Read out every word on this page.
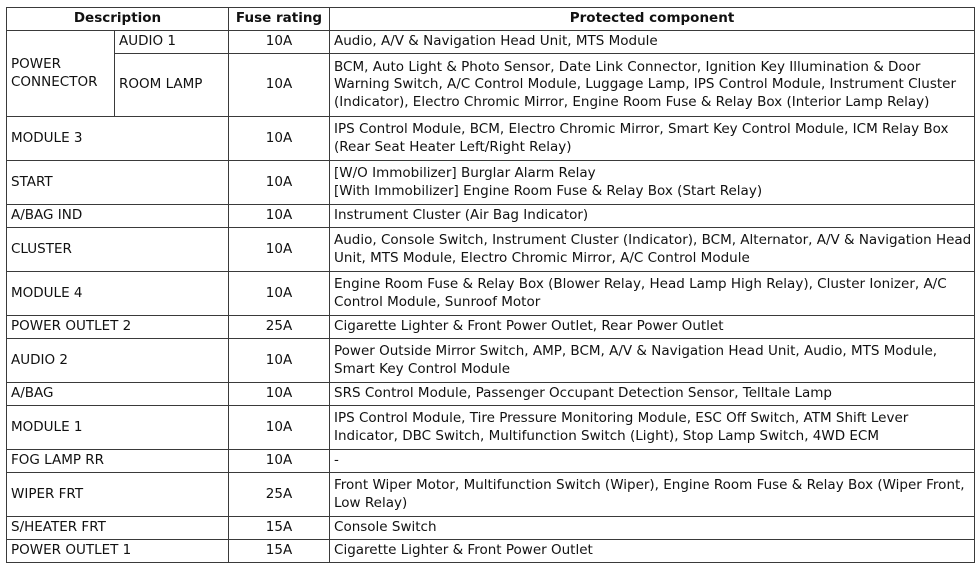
Description		Fuse rating	Protected component

POWER
CONNECTOR	AUDIO 1	10A	Audio, A/V & Navigation Head Unit, MTS Module
	ROOM LAMP	10A	BCM, Auto Light & Photo Sensor, Date Link Connector, Ignition Key Illumination & Door
Warning Switch, A/C Control Module, Luggage Lamp, IPS Control Module, Instrument Cluster
(Indicator), Electro Chromic Mirror, Engine Room Fuse & Relay Box (Interior Lamp Relay)

MODULE 3		10A	IPS Control Module, BCM, Electro Chromic Mirror, Smart Key Control Module, ICM Relay Box
(Rear Seat Heater Left/Right Relay)

START		10A	[W/O Immobilizer] Burglar Alarm Relay
[With Immobilizer] Engine Room Fuse & Relay Box (Start Relay)

A/BAG IND		10A	Instrument Cluster (Air Bag Indicator)

CLUSTER		10A	Audio, Console Switch, Instrument Cluster (Indicator), BCM, Alternator, A/V & Navigation Head
Unit, MTS Module, Electro Chromic Mirror, A/C Control Module

MODULE 4		10A	Engine Room Fuse & Relay Box (Blower Relay, Head Lamp High Relay), Cluster Ionizer, A/C
Control Module, Sunroof Motor

POWER OUTLET 2		25A	Cigarette Lighter & Front Power Outlet, Rear Power Outlet

AUDIO 2		10A	Power Outside Mirror Switch, AMP, BCM, A/V & Navigation Head Unit, Audio, MTS Module,
Smart Key Control Module

A/BAG		10A	SRS Control Module, Passenger Occupant Detection Sensor, Telltale Lamp

MODULE 1		10A	IPS Control Module, Tire Pressure Monitoring Module, ESC Off Switch, ATM Shift Lever
Indicator, DBC Switch, Multifunction Switch (Light), Stop Lamp Switch, 4WD ECM

FOG LAMP RR		10A	-

WIPER FRT		25A	Front Wiper Motor, Multifunction Switch (Wiper), Engine Room Fuse & Relay Box (Wiper Front,
Low Relay)

S/HEATER FRT		15A	Console Switch

POWER OUTLET 1		15A	Cigarette Lighter & Front Power Outlet
